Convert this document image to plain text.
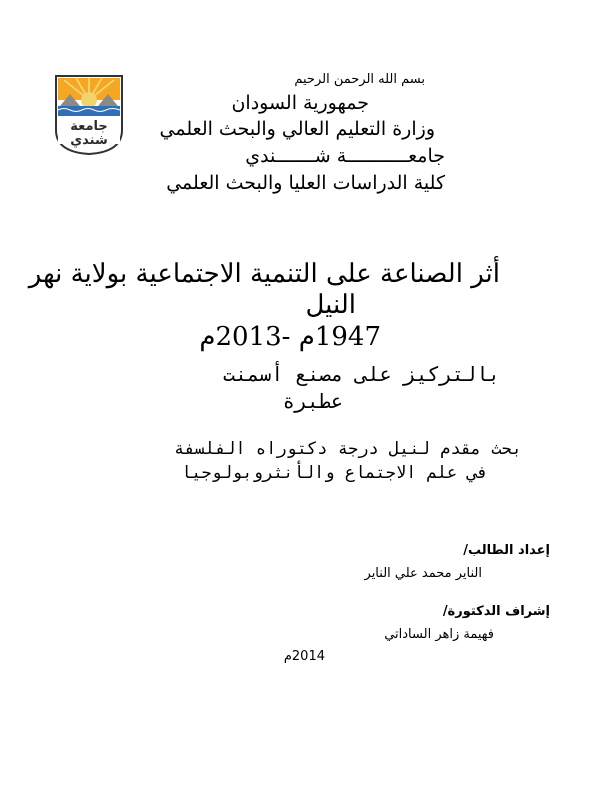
جامعة
شندي
بسم الله الرحمن الرحيم
جمهورية السودان
وزارة التعليم العالي والبحث العلمي
جامعـــــــــــة شـــــــندي
كلية الدراسات العليا والبحث العلمي
أثر الصناعة على التنمية الاجتماعية بولاية نهر
النيل
1947م -2013م
بالتركيز على مصنع أسمنت
عطبرة
بحث مقدم لنيل درجة دكتوراه الفلسفة
في علم الاجتماع والأنثروبولوجيا
إعداد الطالب/
الناير محمد علي الناير
إشراف الدكتورة/
فهيمة زاهر الساداتي
2014م
